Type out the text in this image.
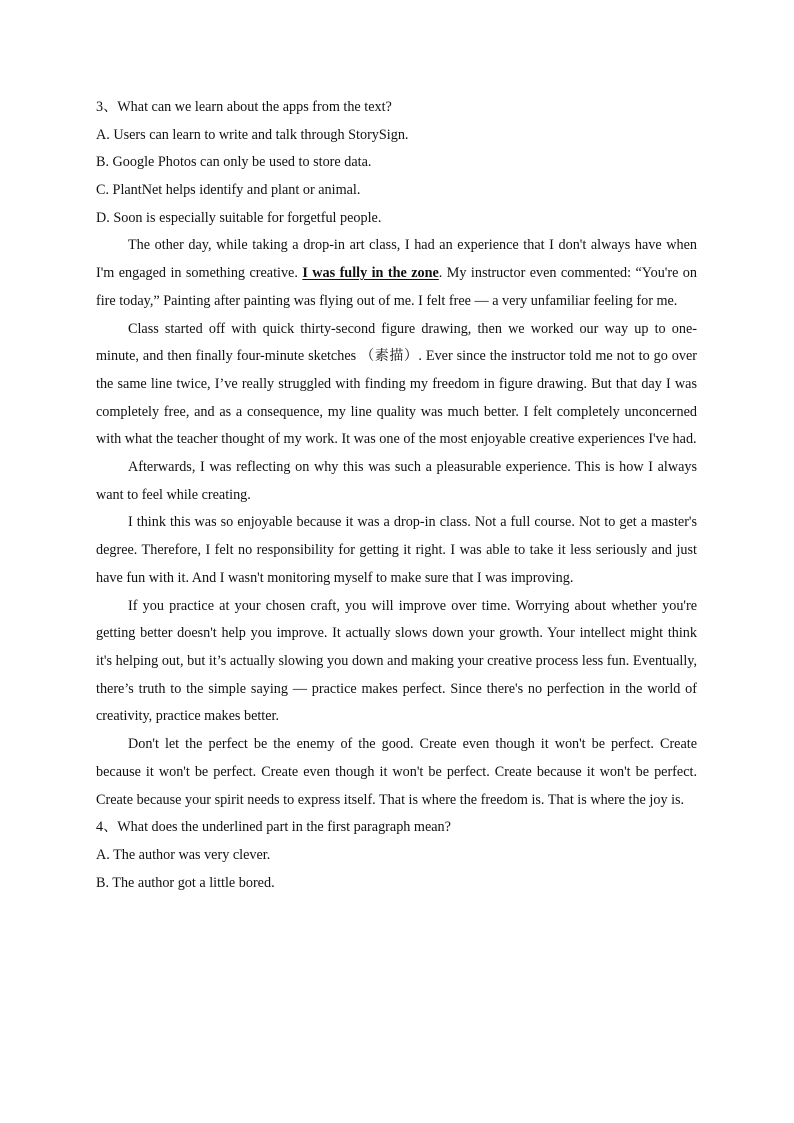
3、What can we learn about the apps from the text?
A. Users can learn to write and talk through StorySign.
B. Google Photos can only be used to store data.
C. PlantNet helps identify and plant or animal.
D. Soon is especially suitable for forgetful people.

The other day, while taking a drop-in art class, I had an experience that I don't always have when I'm engaged in something creative. I was fully in the zone. My instructor even commented: “You're on fire today,” Painting after painting was flying out of me. I felt free — a very unfamiliar feeling for me.

Class started off with quick thirty-second figure drawing, then we worked our way up to one-minute, and then finally four-minute sketches （素描）. Ever since the instructor told me not to go over the same line twice, I’ve really struggled with finding my freedom in figure drawing. But that day I was completely free, and as a consequence, my line quality was much better. I felt completely unconcerned with what the teacher thought of my work. It was one of the most enjoyable creative experiences I've had.

Afterwards, I was reflecting on why this was such a pleasurable experience. This is how I always want to feel while creating.

I think this was so enjoyable because it was a drop-in class. Not a full course. Not to get a master's degree. Therefore, I felt no responsibility for getting it right. I was able to take it less seriously and just have fun with it. And I wasn't monitoring myself to make sure that I was improving.

If you practice at your chosen craft, you will improve over time. Worrying about whether you're getting better doesn't help you improve. It actually slows down your growth. Your intellect might think it's helping out, but it’s actually slowing you down and making your creative process less fun. Eventually, there’s truth to the simple saying — practice makes perfect. Since there's no perfection in the world of creativity, practice makes better.

Don't let the perfect be the enemy of the good. Create even though it won't be perfect. Create because it won't be perfect. Create even though it won't be perfect. Create because it won't be perfect. Create because your spirit needs to express itself. That is where the freedom is. That is where the joy is.

4、What does the underlined part in the first paragraph mean?
A. The author was very clever.
B. The author got a little bored.
